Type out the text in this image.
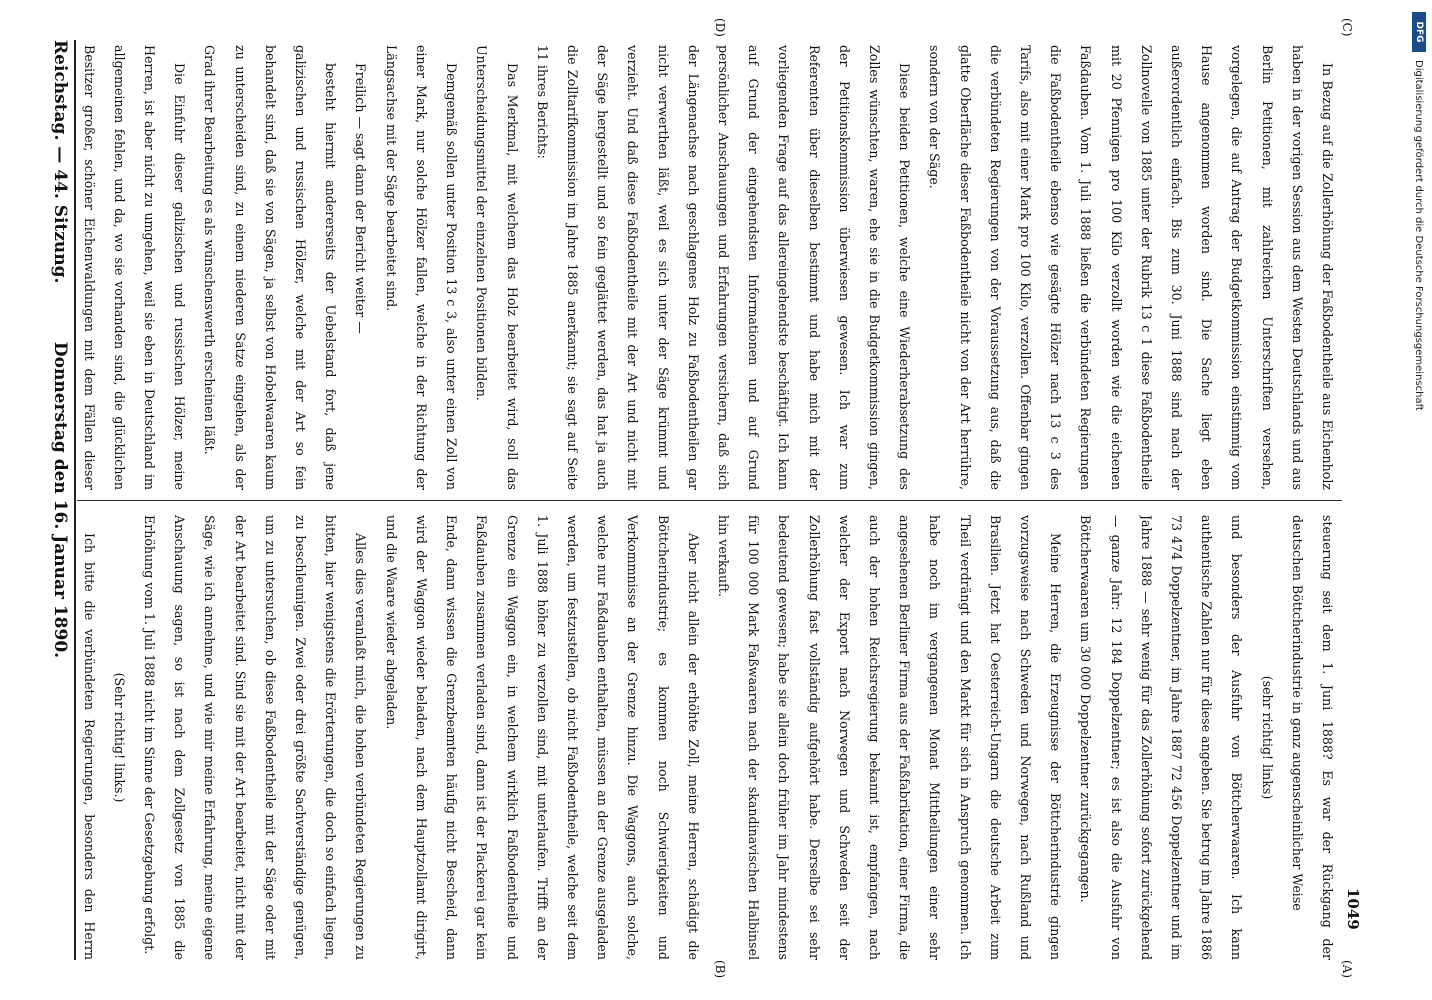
DFG
Digitalisierung gefördert durch die Deutsche Forschungsgemeinschaft
1049
(C)
(D)
(A)
(B)

steuerung seit dem 1. Juni 1888? Es war der Rückgang der deutschen Böttcherindustrie in ganz augenscheinlicher Weise

(sehr richtig! links)

und besonders der Ausfuhr von Böttcherwaaren. Ich kann authentische Zahlen nur für diese angeben. Sie betrug im Jahre 1886 73 474 Doppelzentner, im Jahre 1887 72 456 Doppelzentner und im Jahre 1888 — sehr wenig für das Zollerhöhung sofort zurückgehend — ganze Jahr: 12 184 Doppelzentner; es ist also die Ausfuhr von Böttcherwaaren um 30 000 Doppelzentner zurückgegangen.

Meine Herren, die Erzeugnisse der Böttcherindustrie gingen vorzugsweise nach Schweden und Norwegen, nach Rußland und Brasilien. Jetzt hat Oesterreich-Ungarn die deutsche Arbeit zum Theil verdrängt und den Markt für sich in Anspruch genommen. Ich habe noch im vergangenen Monat Mittheilungen einer sehr angesehenen Berliner Firma aus der Faßfabrikation, einer Firma, die auch der hohen Reichsregierung bekannt ist, empfangen, nach welcher der Export nach Norwegen und Schweden seit der Zollerhöhung fast vollständig aufgehört habe. Derselbe sei sehr bedeutend gewesen; habe sie allein doch früher im Jahr mindestens für 100 000 Mark Faßwaaren nach der skandinavischen Halbinsel hin verkauft.

Aber nicht allein der erhöhte Zoll, meine Herren, schädigt die Böttcherindustrie; es kommen noch Schwierigkeiten und Verkommnisse an der Grenze hinzu. Die Waggons, auch solche, welche nur Faßdauben enthalten, müssen an der Grenze ausgeladen werden, um festzustellen, ob nicht Faßbodentheile, welche seit dem 1. Juli 1888 höher zu verzollen sind, mit unterlaufen. Trifft an der Grenze ein Waggon ein, in welchem wirklich Faßbodentheile und Faßdauben zusammen verladen sind, dann ist der Plackerei gar kein Ende, dann wissen die Grenzbeamten häufig nicht Bescheid, dann wird der Waggon wieder beladen, nach dem Hauptzollamt dirigirt, und die Waare wieder abgeladen.

Alles dies veranlaßt mich, die hohen verbündeten Regierungen zu bitten, hier wenigstens die Erörterungen, die doch so einfach liegen, zu beschleunigen. Zwei oder drei größte Sachverständige genügen, um zu untersuchen, ob diese Faßbodentheile mit der Säge oder mit der Art bearbeitet sind. Sind sie mit der Art bearbeitet, nicht mit der Säge, wie ich annehme, und wie mir meine Erfahrung, meine eigene Anschauung sagen, so ist nach dem Zollgesetz von 1885 die Erhöhung vom 1. Juli 1888 nicht im Sinne der Gesetzgebung erfolgt.

(Sehr richtig! links.)

Ich bitte die verbündeten Regierungen, besonders den Herrn

In Bezug auf die Zollerhöhung der Faßbodentheile aus Eichenholz haben in der vorigen Session aus dem Westen Deutschlands und aus Berlin Petitionen, mit zahlreichen Unterschriften versehen, vorgelegen, die auf Antrag der Budgetkommission einstimmig vom Hause angenommen worden sind. Die Sache liegt eben außerordentlich einfach. Bis zum 30. Juni 1888 sind nach der Zollnovelle von 1885 unter der Rubrik 13 c 1 diese Faßbodentheile mit 20 Pfennigen pro 100 Kilo verzollt worden wie die eichenen Faßdauben. Vom 1. Juli 1888 ließen die verbündeten Regierungen die Faßbodentheile ebenso wie gesägte Hölzer nach 13 c 3 des Tarifs, also mit einer Mark pro 100 Kilo, verzollen. Offenbar gingen die verbündeten Regierungen von der Voraussetzung aus, daß die glatte Oberfläche dieser Faßbodentheile nicht von der Art herrühre, sondern von der Säge.

Diese beiden Petitionen, welche eine Wiederherabsetzung des Zolles wünschten, waren, ehe sie in die Budgetkommission gingen, der Petitionskommission überwiesen gewesen. Ich war zum Referenten über dieselben bestimmt und habe mich mit der vorliegenden Frage auf das allereingehendste beschäftigt. Ich kann auf Grund der eingehendsten Informationen und auf Grund persönlicher Anschauungen und Erfahrungen versichern, daß sich der Längenachse nach geschlagenes Holz zu Faßbodentheilen gar nicht verwerthen läßt, weil es sich unter der Säge krümmt und verzieht. Und daß diese Faßbodentheile mit der Art und nicht mit der Säge hergestellt und so fein geglättet werden, das hat ja auch die Zolltarifkommission im Jahre 1885 anerkannt; sie sagt auf Seite 11 ihres Berichts:

Das Merkmal, mit welchem das Holz bearbeitet wird, soll das Unterscheidungsmittel der einzelnen Positionen bilden.

Demgemäß sollen unter Position 13 c 3, also unter einen Zoll von einer Mark, nur solche Hölzer fallen, welche in der Richtung der Längsachse mit der Säge bearbeitet sind.

Freilich — sagt dann der Bericht weiter —

besteht hiermit andererseits der Uebelstand fort, daß jene galizischen und russischen Hölzer, welche mit der Art so fein behandelt sind, daß sie von Sägen, ja selbst von Hobelwaaren kaum zu unterscheiden sind, zu einem niederen Satze eingehen, als der Grad ihrer Bearbeitung es als wünschenswerth erscheinen läßt.

Die Einfuhr dieser galizischen und russischen Hölzer, meine Herren, ist aber nicht zu umgehen, weil sie eben in Deutschland im allgemeinen fehlen, und da, wo sie vorhanden sind, die glücklichen Besitzer großer, schöner Eichenwaldungen mit dem Fällen dieser

Reichstag. — 44. Sitzung.
Donnerstag den 16. Januar 1890.
